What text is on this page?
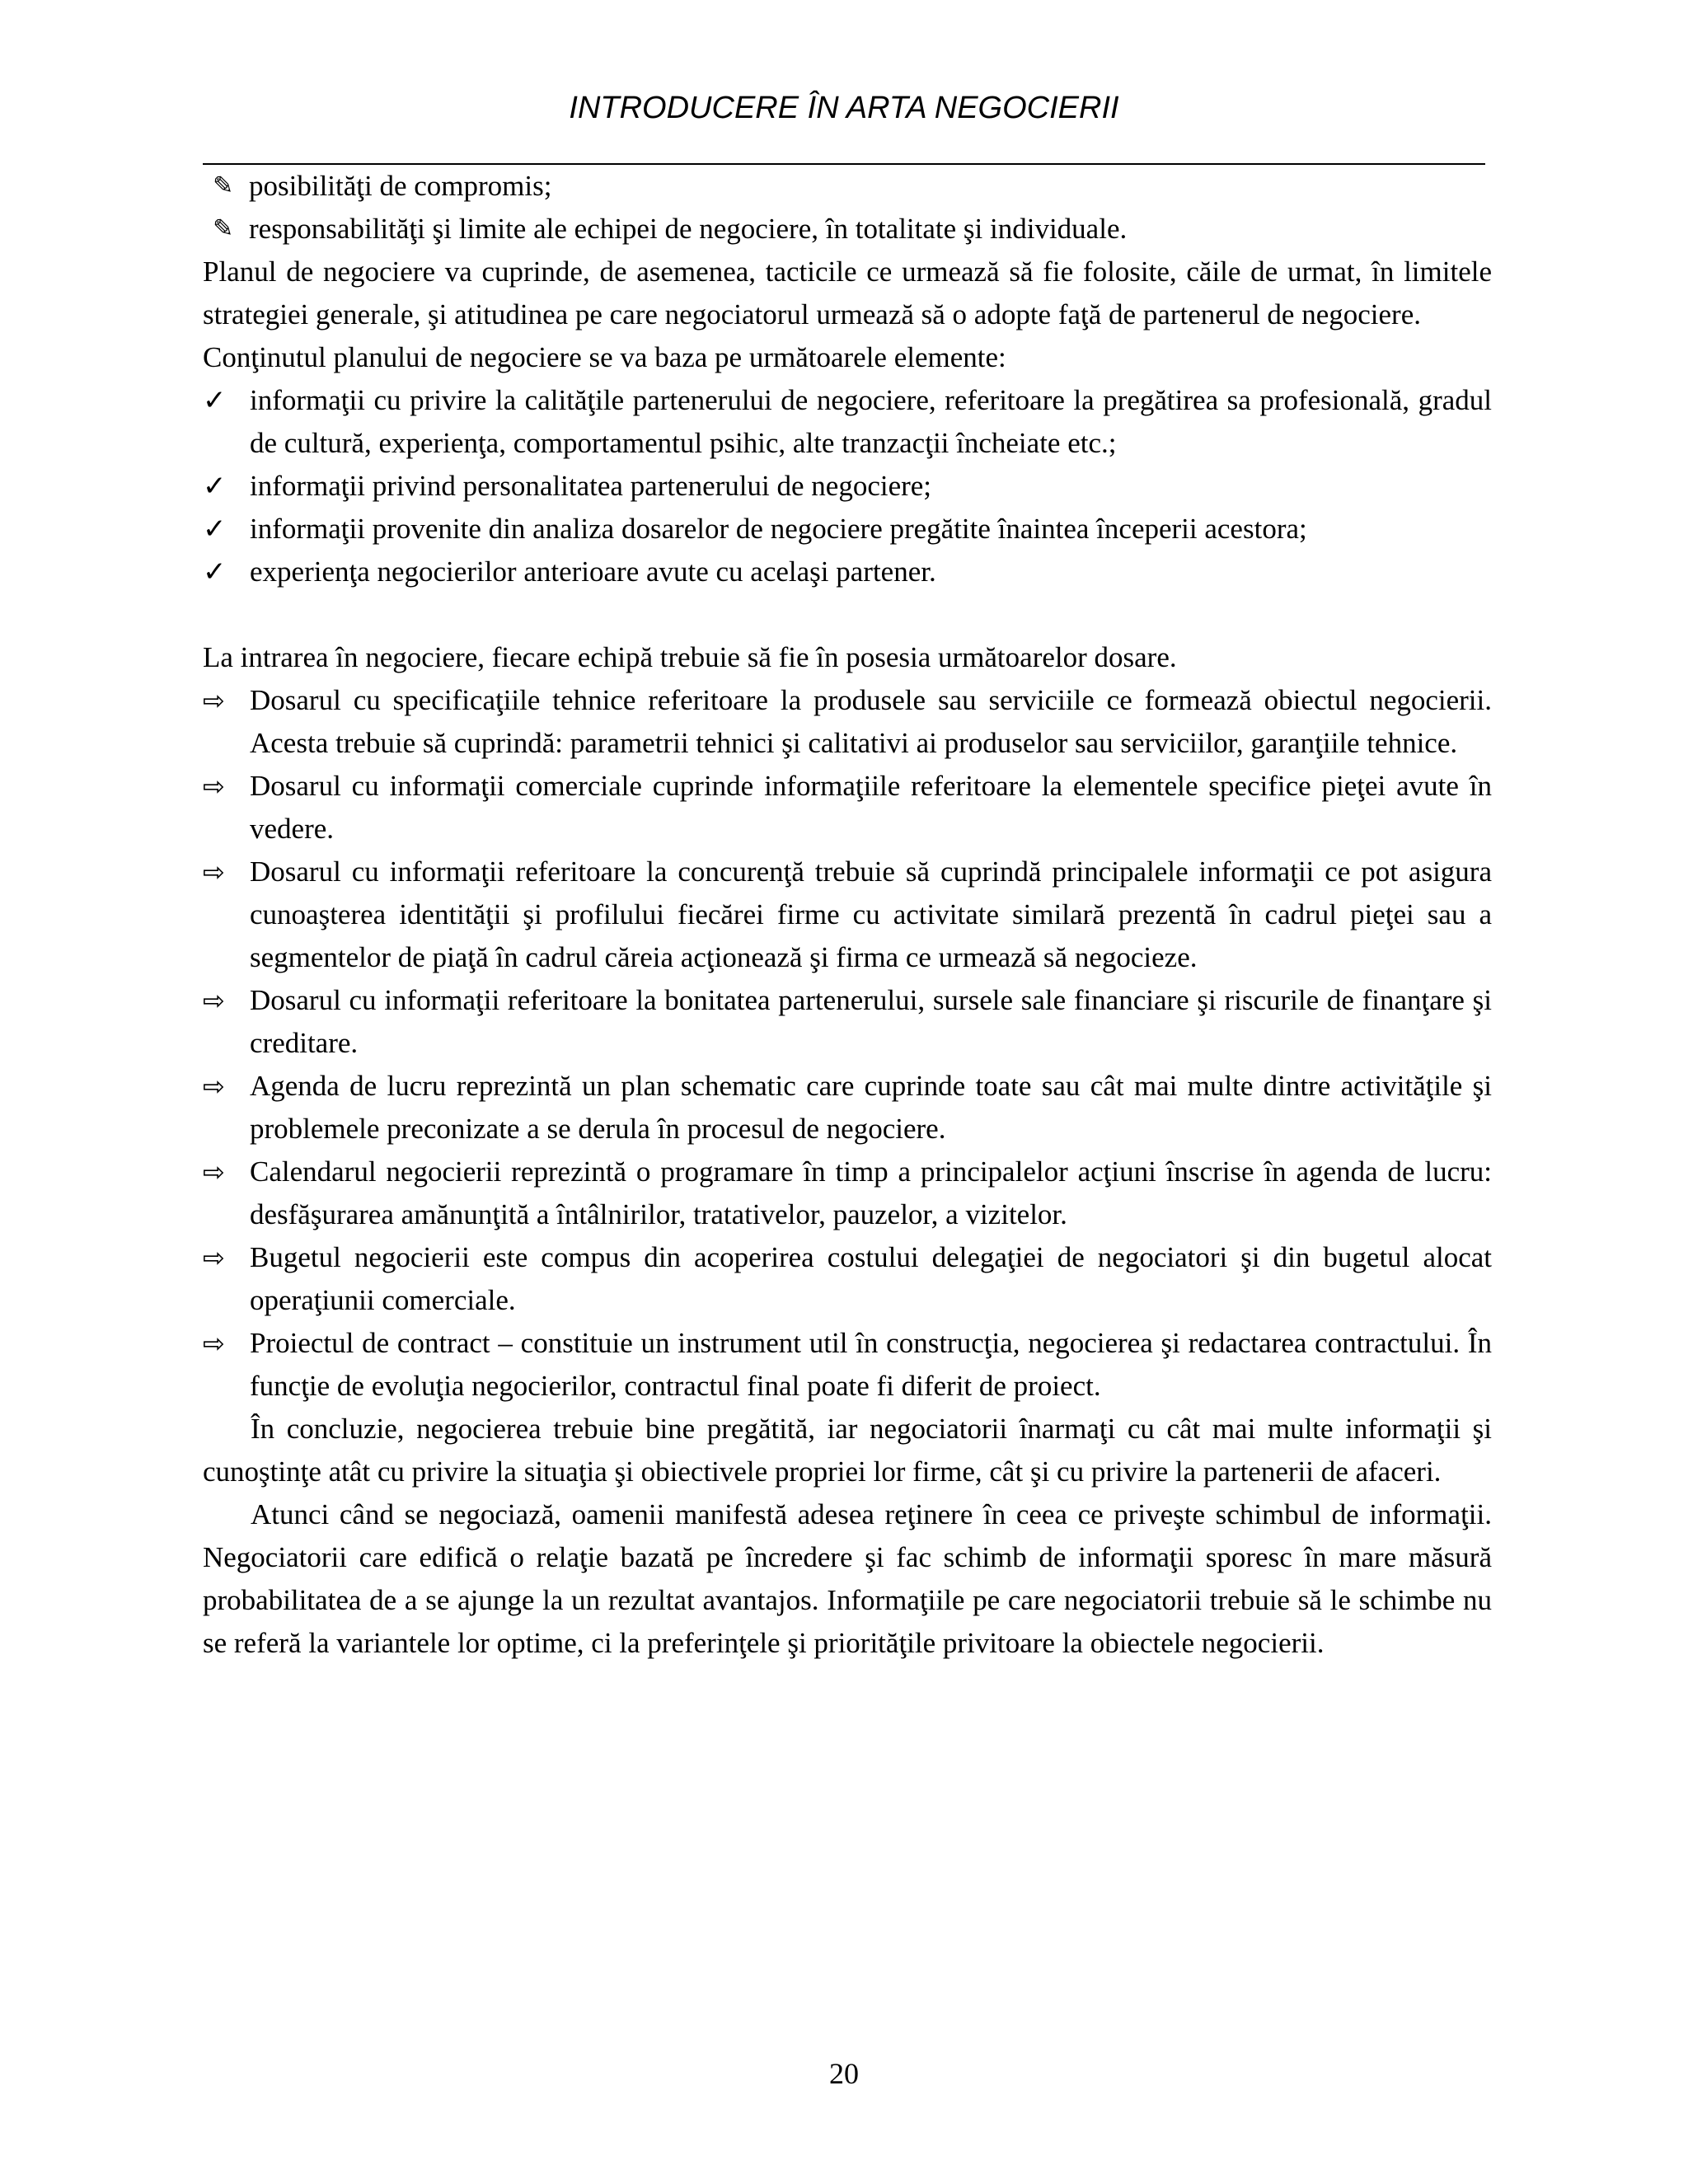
INTRODUCERE ÎN ARTA NEGOCIERII
✎ posibilităţi de compromis;
✎ responsabilităţi şi limite ale echipei de negociere, în totalitate şi individuale.

Planul de negociere va cuprinde, de asemenea, tacticile ce urmează să fie folosite, căile de urmat, în limitele strategiei generale, şi atitudinea pe care negociatorul urmează să o adopte faţă de partenerul de negociere.

Conţinutul planului de negociere se va baza pe următoarele elemente:

✓ informaţii cu privire la calităţile partenerului de negociere, referitoare la pregătirea sa profesională, gradul de cultură, experienţa, comportamentul psihic, alte tranzacţii încheiate etc.;
✓ informaţii privind personalitatea partenerului de negociere;
✓ informaţii provenite din analiza dosarelor de negociere pregătite înaintea începerii acestora;
✓ experienţa negocierilor anterioare avute cu acelaşi partener.

La intrarea în negociere, fiecare echipă trebuie să fie în posesia următoarelor dosare.

⇨ Dosarul cu specificaţiile tehnice referitoare la produsele sau serviciile ce formează obiectul negocierii. Acesta trebuie să cuprindă: parametrii tehnici şi calitativi ai produselor sau serviciilor, garanţiile tehnice.
⇨ Dosarul cu informaţii comerciale cuprinde informaţiile referitoare la elementele specifice pieţei avute în vedere.
⇨ Dosarul cu informaţii referitoare la concurenţă trebuie să cuprindă principalele informaţii ce pot asigura cunoaşterea identităţii şi profilului fiecărei firme cu activitate similară prezentă în cadrul pieţei sau a segmentelor de piaţă în cadrul căreia acţionează şi firma ce urmează să negocieze.
⇨ Dosarul cu informaţii referitoare la bonitatea partenerului, sursele sale financiare şi riscurile de finanţare şi creditare.
⇨ Agenda de lucru reprezintă un plan schematic care cuprinde toate sau cât mai multe dintre activităţile şi problemele preconizate a se derula în procesul de negociere.
⇨ Calendarul negocierii reprezintă o programare în timp a principalelor acţiuni înscrise în agenda de lucru: desfăşurarea amănunţită a întâlnirilor, tratativelor, pauzelor, a vizitelor.
⇨ Bugetul negocierii este compus din acoperirea costului delegaţiei de negociatori şi din bugetul alocat operaţiunii comerciale.
⇨ Proiectul de contract – constituie un instrument util în construcţia, negocierea şi redactarea contractului. În funcţie de evoluţia negocierilor, contractul final poate fi diferit de proiect.

În concluzie, negocierea trebuie bine pregătită, iar negociatorii înarmaţi cu cât mai multe informaţii şi cunoştinţe atât cu privire la situaţia şi obiectivele propriei lor firme, cât şi cu privire la partenerii de afaceri.

Atunci când se negociază, oamenii manifestă adesea reţinere în ceea ce priveşte schimbul de informaţii. Negociatorii care edifică o relaţie bazată pe încredere şi fac schimb de informaţii sporesc în mare măsură probabilitatea de a se ajunge la un rezultat avantajos. Informaţiile pe care negociatorii trebuie să le schimbe nu se referă la variantele lor optime, ci la preferinţele şi priorităţile privitoare la obiectele negocierii.

20
